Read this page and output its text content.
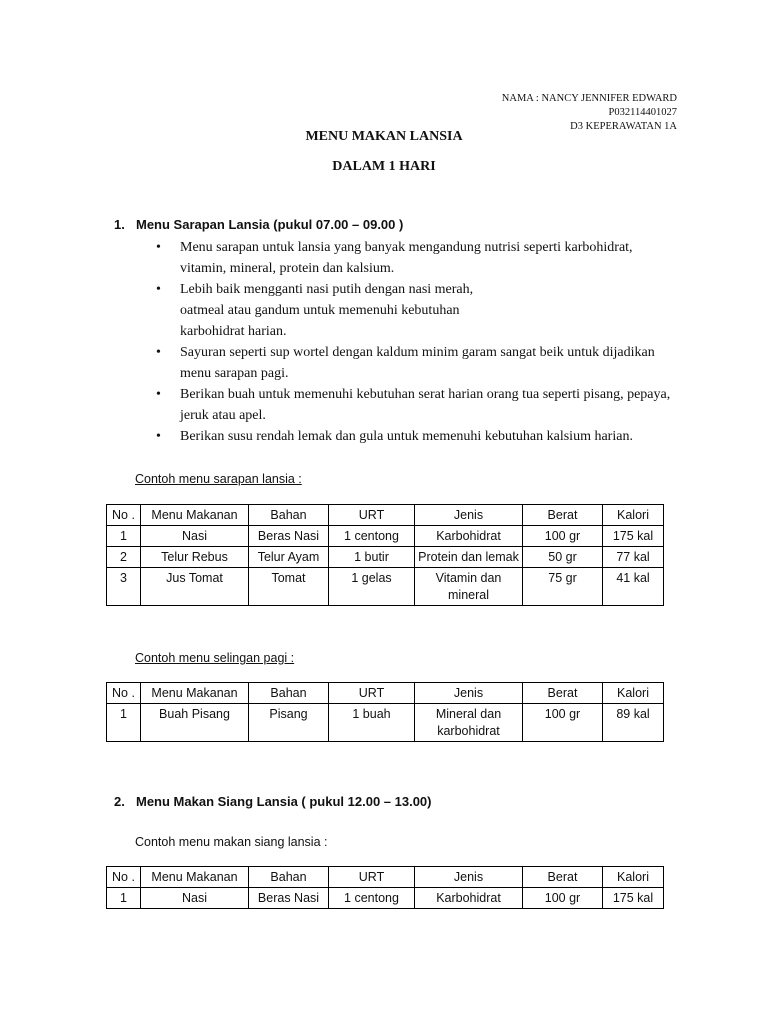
NAMA : NANCY JENNIFER EDWARD
P032114401027
D3 KEPERAWATAN 1A
MENU MAKAN LANSIA
DALAM 1 HARI
1. Menu Sarapan Lansia (pukul 07.00 – 09.00 )
• Menu sarapan untuk lansia yang banyak mengandung nutrisi seperti karbohidrat, vitamin, mineral, protein dan kalsium.
• Lebih baik mengganti nasi putih dengan nasi merah, oatmeal atau gandum untuk memenuhi kebutuhan karbohidrat harian.
• Sayuran seperti sup wortel dengan kaldum minim garam sangat beik untuk dijadikan menu sarapan pagi.
• Berikan buah untuk memenuhi kebutuhan serat harian orang tua seperti pisang, pepaya, jeruk atau apel.
• Berikan susu rendah lemak dan gula untuk memenuhi kebutuhan kalsium harian.
Contoh menu sarapan lansia :
No .	Menu Makanan	Bahan	URT	Jenis	Berat	Kalori
1	Nasi	Beras Nasi	1 centong	Karbohidrat	100 gr	175 kal
2	Telur Rebus	Telur Ayam	1 butir	Protein dan lemak	50 gr	77 kal
3	Jus Tomat	Tomat	1 gelas	Vitamin dan mineral	75 gr	41 kal
Contoh menu selingan pagi :
No .	Menu Makanan	Bahan	URT	Jenis	Berat	Kalori
1	Buah Pisang	Pisang	1 buah	Mineral dan karbohidrat	100 gr	89 kal
2. Menu Makan Siang Lansia ( pukul 12.00 – 13.00)
Contoh menu makan siang lansia :
No .	Menu Makanan	Bahan	URT	Jenis	Berat	Kalori
1	Nasi	Beras Nasi	1 centong	Karbohidrat	100 gr	175 kal
